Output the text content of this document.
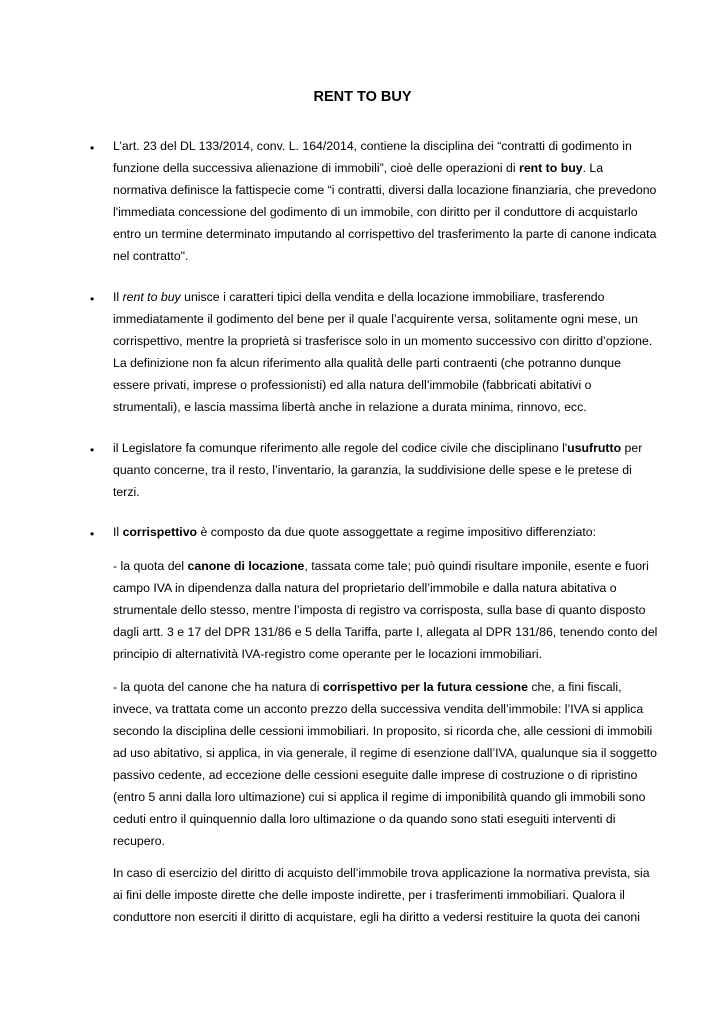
RENT TO BUY
•
L’art. 23 del DL 133/2014, conv. L. 164/2014, contiene la disciplina dei “contratti di godimento in funzione della successiva alienazione di immobili”, cioè delle operazioni di rent to buy. La normativa definisce la fattispecie come “i contratti, diversi dalla locazione finanziaria, che prevedono l'immediata concessione del godimento di un immobile, con diritto per il conduttore di acquistarlo entro un termine determinato imputando al corrispettivo del trasferimento la parte di canone indicata nel contratto".
•
Il rent to buy unisce i caratteri tipici della vendita e della locazione immobiliare, trasferendo immediatamente il godimento del bene per il quale l’acquirente versa, solitamente ogni mese, un corrispettivo, mentre la proprietà si trasferisce solo in un momento successivo con diritto d’opzione. La definizione non fa alcun riferimento alla qualità delle parti contraenti (che potranno dunque essere privati, imprese o professionisti) ed alla natura dell’immobile (fabbricati abitativi o strumentali), e lascia massima libertà anche in relazione a durata minima, rinnovo, ecc.
•
il Legislatore fa comunque riferimento alle regole del codice civile che disciplinano l'usufrutto per quanto concerne, tra il resto, l’inventario, la garanzia, la suddivisione delle spese e le pretese di terzi.
•
Il corrispettivo è composto da due quote assoggettate a regime impositivo differenziato:
- la quota del canone di locazione, tassata come tale; può quindi risultare imponile, esente e fuori campo IVA in dipendenza dalla natura del proprietario dell’immobile e dalla natura abitativa o strumentale dello stesso, mentre l’imposta di registro va corrisposta, sulla base di quanto disposto dagli artt. 3 e 17 del DPR 131/86 e 5 della Tariffa, parte I, allegata al DPR 131/86, tenendo conto del principio di alternatività IVA-registro come operante per le locazioni immobiliari.
- la quota del canone che ha natura di corrispettivo per la futura cessione che, a fini fiscali, invece, va trattata come un acconto prezzo della successiva vendita dell’immobile: l’IVA si applica secondo la disciplina delle cessioni immobiliari. In proposito, si ricorda che, alle cessioni di immobili ad uso abitativo, si applica, in via generale, il regime di esenzione dall’IVA, qualunque sia il soggetto passivo cedente, ad eccezione delle cessioni eseguite dalle imprese di costruzione o di ripristino (entro 5 anni dalla loro ultimazione) cui si applica il regime di imponibilità quando gli immobili sono ceduti entro il quinquennio dalla loro ultimazione o da quando sono stati eseguiti interventi di recupero.
In caso di esercizio del diritto di acquisto dell’immobile trova applicazione la normativa prevista, sia ai fini delle imposte dirette che delle imposte indirette, per i trasferimenti immobiliari. Qualora il conduttore non eserciti il diritto di acquistare, egli ha diritto a vedersi restituire la quota dei canoni
